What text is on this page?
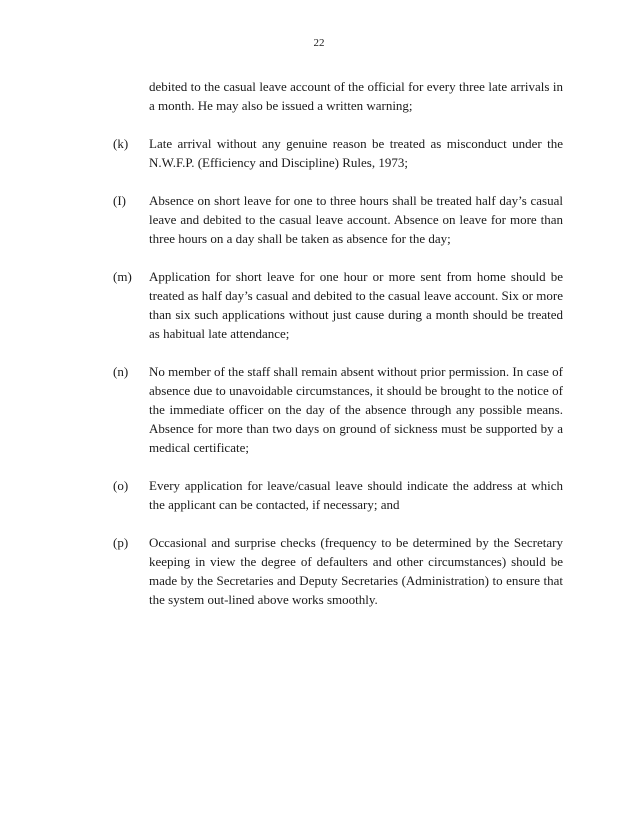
22
debited to the casual leave account of the official for every three late arrivals in a month. He may also be issued a written warning;
(k)	Late arrival without any genuine reason be treated as misconduct under the N.W.F.P. (Efficiency and Discipline) Rules, 1973;
(I)	Absence on short leave for one to three hours shall be treated half day’s casual leave and debited to the casual leave account. Absence on leave for more than three hours on a day shall be taken as absence for the day;
(m)	Application for short leave for one hour or more sent from home should be treated as half day’s casual and debited to the casual leave account. Six or more than six such applications without just cause during a month should be treated as habitual late attendance;
(n)	No member of the staff shall remain absent without prior permission. In case of absence due to unavoidable circumstances, it should be brought to the notice of the immediate officer on the day of the absence through any possible means. Absence for more than two days on ground of sickness must be supported by a medical certificate;
(o)	Every application for leave/casual leave should indicate the address at which the applicant can be contacted, if necessary; and
(p)	Occasional and surprise checks (frequency to be determined by the Secretary keeping in view the degree of defaulters and other circumstances) should be made by the Secretaries and Deputy Secretaries (Administration) to ensure that the system out-lined above works smoothly.
